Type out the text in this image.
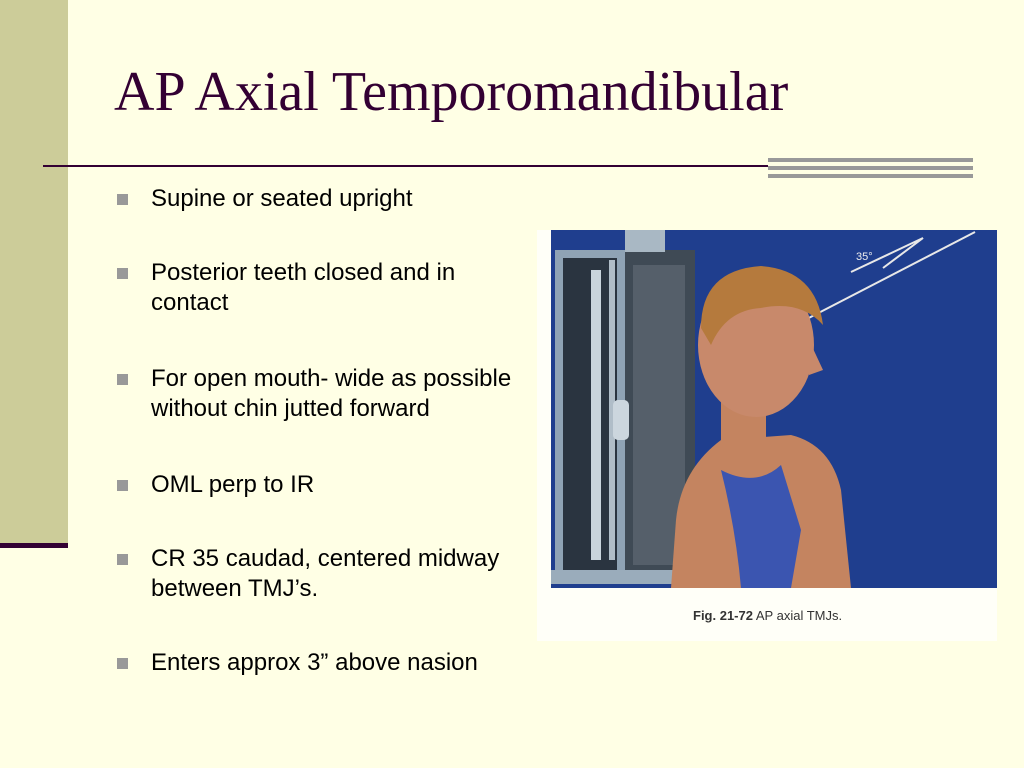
AP Axial Temporomandibular
Supine or seated upright
Posterior teeth closed and in contact
For open mouth- wide as possible without chin jutted forward
OML perp to IR
CR 35 caudad, centered midway between TMJ’s.
Enters approx 3” above nasion
35°
Fig. 21-72 AP axial TMJs.
